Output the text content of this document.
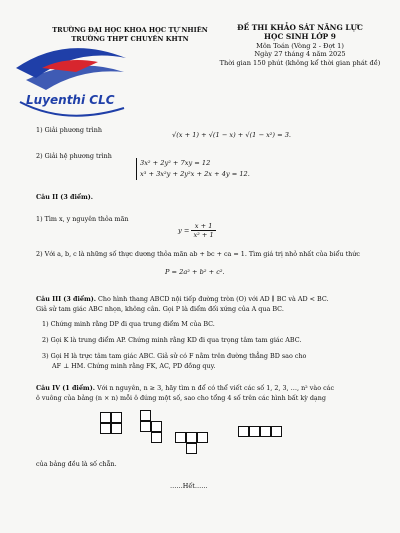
TRƯỜNG ĐẠI HỌC KHOA HỌC TỰ NHIÊN
TRƯỜNG THPT CHUYÊN KHTN
Luyenthi CLC
ĐỀ THI KHẢO SÁT NĂNG LỰC
HỌC SINH LỚP 9
Môn Toán (Vòng 2 - Đợt 1)
Ngày 27 tháng 4 năm 2025
Thời gian 150 phút (không kể thời gian phát đề)
1) Giải phương trình
√(x + 1) + √(1 − x) + √(1 − x²) = 3.
2) Giải hệ phương trình
3x² + 2y² + 7xy = 12
x³ + 3x²y + 2y²x + 2x + 4y = 12.
Câu II (3 điểm).
1) Tìm x, y nguyên thỏa mãn
$y = \frac{x + 1}{\text{x² + 1}}$
2) Với a, b, c là những số thực dương thỏa mãn ab + bc + ca = 1. Tìm giá trị nhỏ nhất của biểu thức
P = 2a² + b² + c².
Câu III (3 điểm). Cho hình thang ABCD nội tiếp đường tròn (O) với AD ∥ BC và AD < BC.
Giả sử tam giác ABC nhọn, không cân. Gọi P là điểm đối xứng của A qua BC.
1) Chứng minh rằng DP đi qua trung điểm M của BC.
2) Gọi K là trung điểm AP. Chứng minh rằng KD đi qua trọng tâm tam giác ABC.
3) Gọi H là trực tâm tam giác ABC. Giả sử có F nằm trên đường thẳng BD sao cho
AF ⊥ HM. Chứng minh rằng FK, AC, PD đồng quy.
Câu IV (1 điểm). Với n nguyên, n ≥ 3, hãy tìm n để có thể viết các số 1, 2, 3, …, n² vào các
ô vuông của bảng (n × n) mỗi ô đúng một số, sao cho tổng 4 số trên các hình bất kỳ dạng
của bảng đều là số chẵn.
……Hết……
